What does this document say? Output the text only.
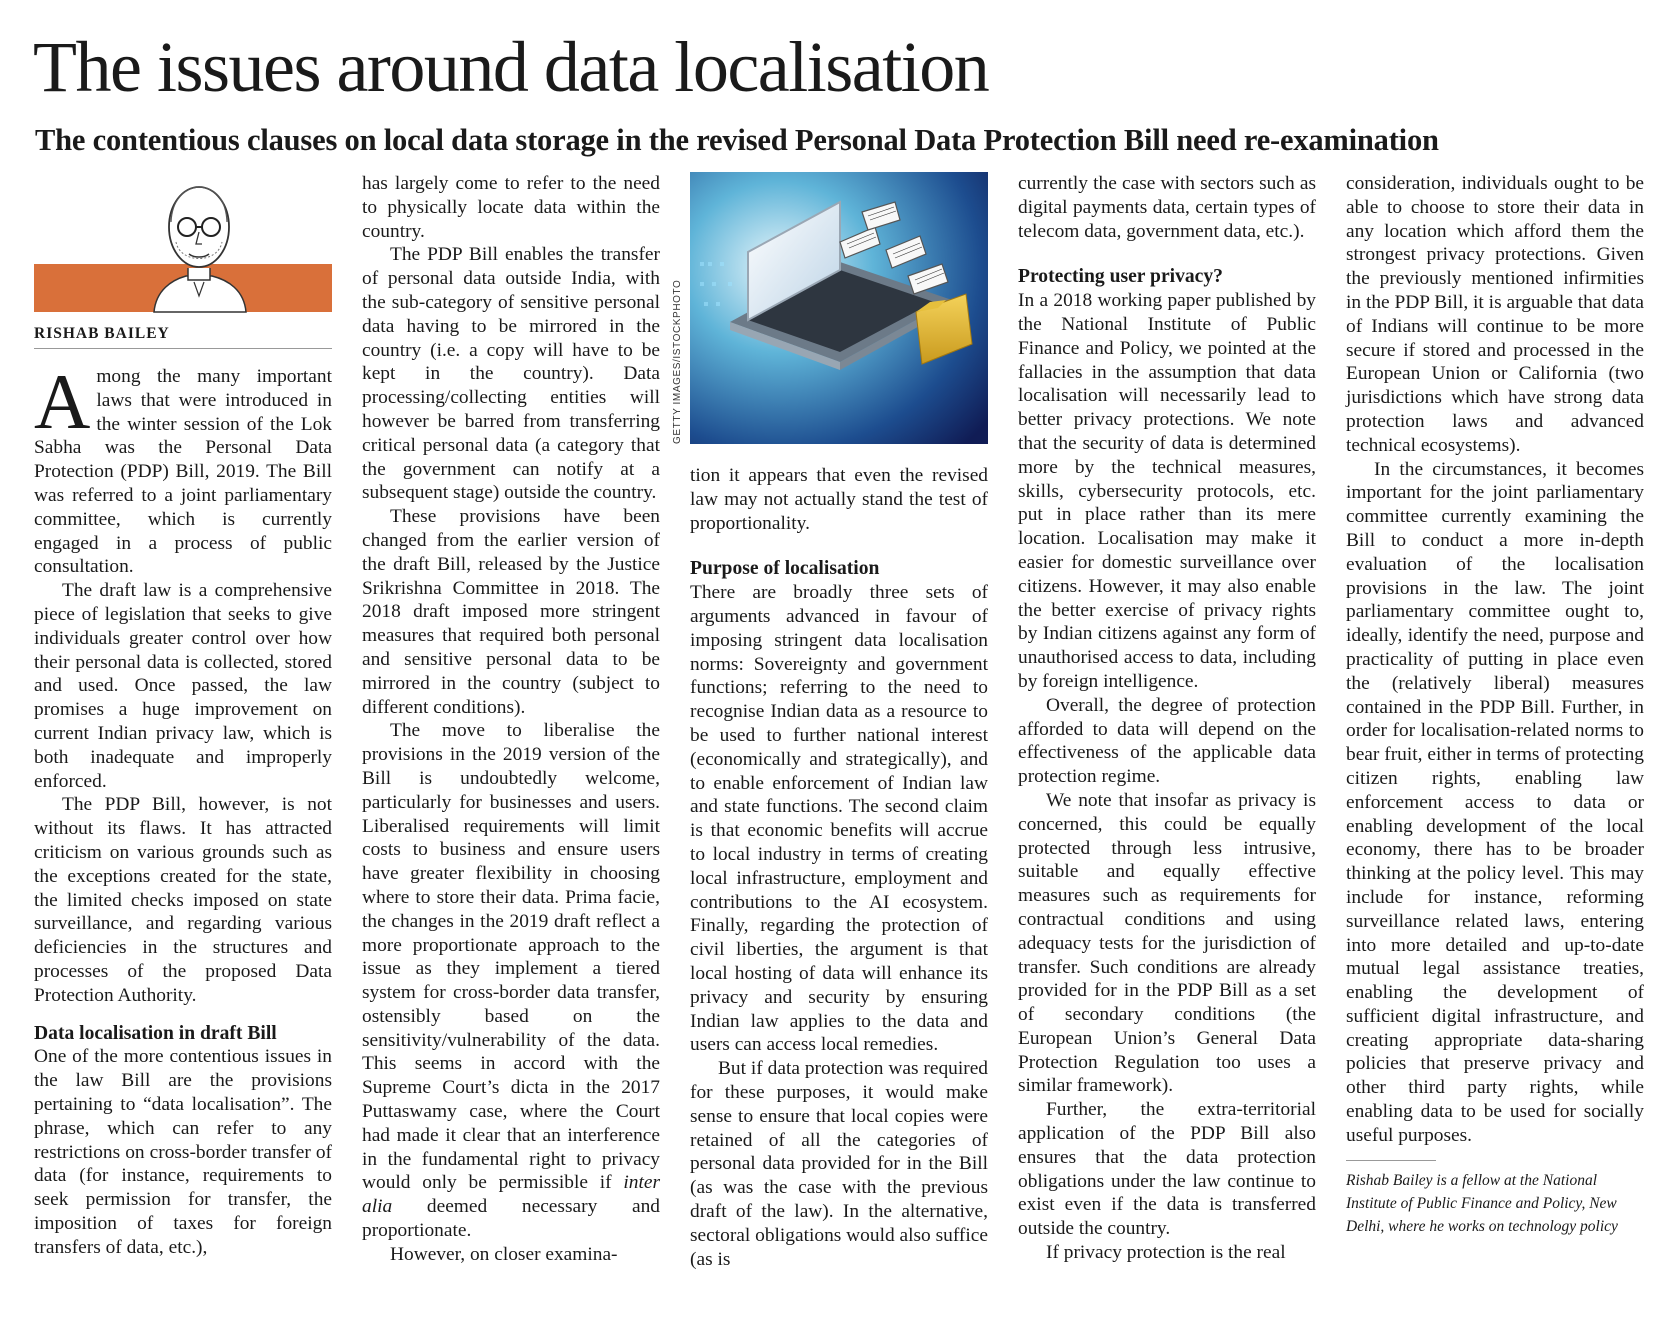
The issues around data localisation
The contentious clauses on local data storage in the revised Personal Data Protection Bill need re-examination
RISHAB BAILEY

Among the many important laws that were introduced in the winter session of the Lok Sabha was the Personal Data Protection (PDP) Bill, 2019. The Bill was referred to a joint parliamentary committee, which is currently engaged in a process of public consultation.

The draft law is a comprehensive piece of legislation that seeks to give individuals greater control over how their personal data is collected, stored and used. Once passed, the law promises a huge improvement on current Indian privacy law, which is both inadequate and improperly enforced.

The PDP Bill, however, is not without its flaws. It has attracted criticism on various grounds such as the exceptions created for the state, the limited checks imposed on state surveillance, and regarding various deficiencies in the structures and processes of the proposed Data Protection Authority.

Data localisation in draft Bill

One of the more contentious issues in the law Bill are the provisions pertaining to “data localisation”. The phrase, which can refer to any restrictions on cross-border transfer of data (for instance, requirements to seek permission for transfer, the imposition of taxes for foreign transfers of data, etc.),

has largely come to refer to the need to physically locate data within the country.

The PDP Bill enables the transfer of personal data outside India, with the sub-category of sensitive personal data having to be mirrored in the country (i.e. a copy will have to be kept in the country). Data processing/collecting entities will however be barred from transferring critical personal data (a category that the government can notify at a subsequent stage) outside the country.

These provisions have been changed from the earlier version of the draft Bill, released by the Justice Srikrishna Committee in 2018. The 2018 draft imposed more stringent measures that required both personal and sensitive personal data to be mirrored in the country (subject to different conditions).

The move to liberalise the provisions in the 2019 version of the Bill is undoubtedly welcome, particularly for businesses and users. Liberalised requirements will limit costs to business and ensure users have greater flexibility in choosing where to store their data. Prima facie, the changes in the 2019 draft reflect a more proportionate approach to the issue as they implement a tiered system for cross-border data transfer, ostensibly based on the sensitivity/vulnerability of the data. This seems in accord with the Supreme Court’s dicta in the 2017 Puttaswamy case, where the Court had made it clear that an interference in the fundamental right to privacy would only be permissible if inter alia deemed necessary and proportionate.

However, on closer examina-

GETTY IMAGES/ISTOCKPHOTO

tion it appears that even the revised law may not actually stand the test of proportionality.

Purpose of localisation

There are broadly three sets of arguments advanced in favour of imposing stringent data localisation norms: Sovereignty and government functions; referring to the need to recognise Indian data as a resource to be used to further national interest (economically and strategically), and to enable enforcement of Indian law and state functions. The second claim is that economic benefits will accrue to local industry in terms of creating local infrastructure, employment and contributions to the AI ecosystem. Finally, regarding the protection of civil liberties, the argument is that local hosting of data will enhance its privacy and security by ensuring Indian law applies to the data and users can access local remedies.

But if data protection was required for these purposes, it would make sense to ensure that local copies were retained of all the categories of personal data provided for in the Bill (as was the case with the previous draft of the law). In the alternative, sectoral obligations would also suffice (as is

currently the case with sectors such as digital payments data, certain types of telecom data, government data, etc.).

Protecting user privacy?

In a 2018 working paper published by the National Institute of Public Finance and Policy, we pointed at the fallacies in the assumption that data localisation will necessarily lead to better privacy protections. We note that the security of data is determined more by the technical measures, skills, cybersecurity protocols, etc. put in place rather than its mere location. Localisation may make it easier for domestic surveillance over citizens. However, it may also enable the better exercise of privacy rights by Indian citizens against any form of unauthorised access to data, including by foreign intelligence.

Overall, the degree of protection afforded to data will depend on the effectiveness of the applicable data protection regime.

We note that insofar as privacy is concerned, this could be equally protected through less intrusive, suitable and equally effective measures such as requirements for contractual conditions and using adequacy tests for the jurisdiction of transfer. Such conditions are already provided for in the PDP Bill as a set of secondary conditions (the European Union’s General Data Protection Regulation too uses a similar framework).

Further, the extra-territorial application of the PDP Bill also ensures that the data protection obligations under the law continue to exist even if the data is transferred outside the country.

If privacy protection is the real

consideration, individuals ought to be able to choose to store their data in any location which afford them the strongest privacy protections. Given the previously mentioned infirmities in the PDP Bill, it is arguable that data of Indians will continue to be more secure if stored and processed in the European Union or California (two jurisdictions which have strong data protection laws and advanced technical ecosystems).

In the circumstances, it becomes important for the joint parliamentary committee currently examining the Bill to conduct a more in-depth evaluation of the localisation provisions in the law. The joint parliamentary committee ought to, ideally, identify the need, purpose and practicality of putting in place even the (relatively liberal) measures contained in the PDP Bill. Further, in order for localisation-related norms to bear fruit, either in terms of protecting citizen rights, enabling law enforcement access to data or enabling development of the local economy, there has to be broader thinking at the policy level. This may include for instance, reforming surveillance related laws, entering into more detailed and up-to-date mutual legal assistance treaties, enabling the development of sufficient digital infrastructure, and creating appropriate data-sharing policies that preserve privacy and other third party rights, while enabling data to be used for socially useful purposes.

Rishab Bailey is a fellow at the National Institute of Public Finance and Policy, New Delhi, where he works on technology policy
